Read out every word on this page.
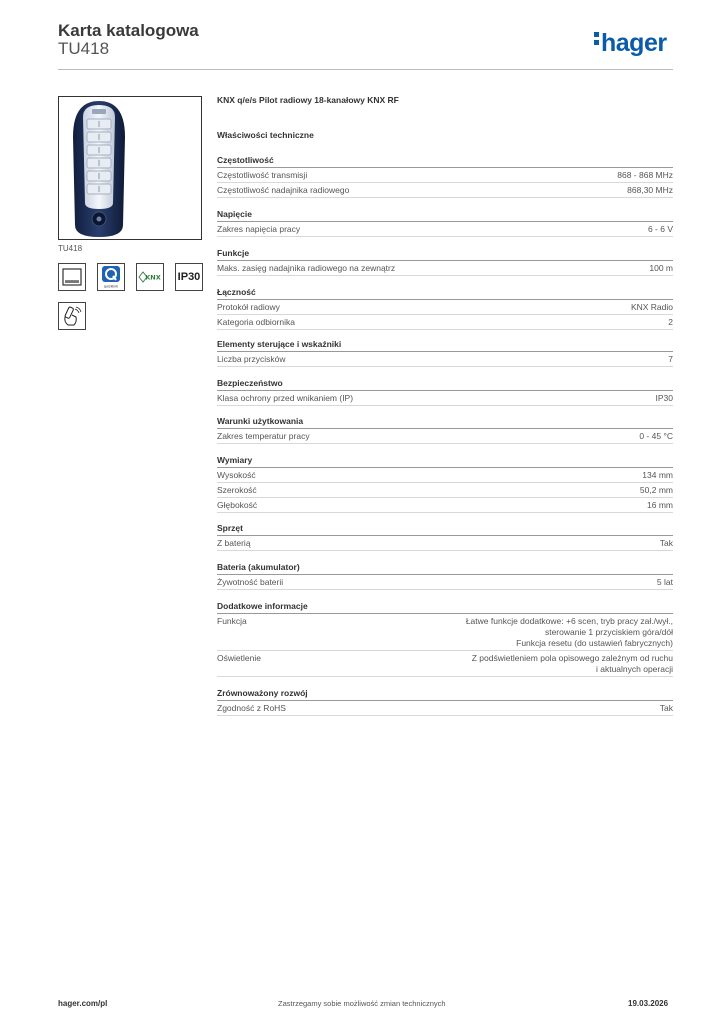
Karta katalogowa
TU418	hager
TU418
quicklink
KNX IP30
KNX q/e/s Pilot radiowy 18-kanałowy KNX RF
Właściwości techniczne
Częstotliwość
Częstotliwość transmisji	868 - 868 MHz
Częstotliwość nadajnika radiowego	868,30 MHz
Napięcie
Zakres napięcia pracy	6 - 6 V
Funkcje
Maks. zasięg nadajnika radiowego na zewnątrz	100 m
Łączność
Protokół radiowy	KNX Radio
Kategoria odbiornika	2
Elementy sterujące i wskaźniki
Liczba przycisków	7
Bezpieczeństwo
Klasa ochrony przed wnikaniem (IP)	IP30
Warunki użytkowania
Zakres temperatur pracy	0 - 45 °C
Wymiary
Wysokość	134 mm
Szerokość	50,2 mm
Głębokość	16 mm
Sprzęt
Z baterią	Tak
Bateria (akumulator)
Żywotność baterii	5 lat
Dodatkowe informacje
Funkcja	Łatwe funkcje dodatkowe: +6 scen, tryb pracy zał./wył.,
sterowanie 1 przyciskiem góra/dół
Funkcja resetu (do ustawień fabrycznych)
Oświetlenie	Z podświetleniem pola opisowego zależnym od ruchu
i aktualnych operacji
Zrównoważony rozwój
Zgodność z RoHS	Tak
hager.com/pl	Zastrzegamy sobie możliwość zmian technicznych	19.03.2026
